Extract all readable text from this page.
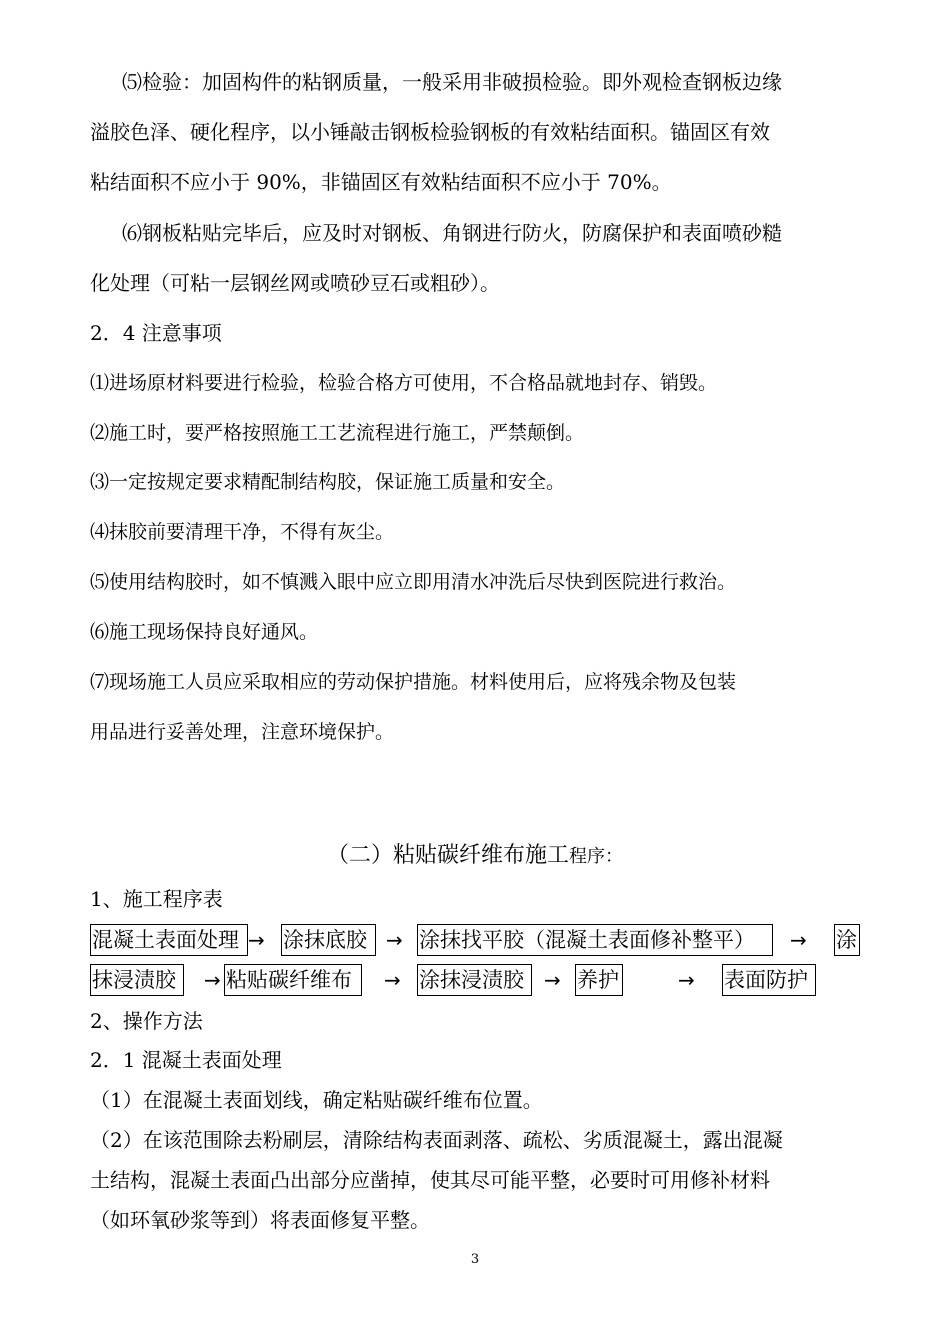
⑸检验：加固构件的粘钢质量，一般采用非破损检验。即外观检查钢板边缘
溢胶色泽、硬化程序，以小锤敲击钢板检验钢板的有效粘结面积。锚固区有效
粘结面积不应小于 90%，非锚固区有效粘结面积不应小于 70%。
⑹钢板粘贴完毕后，应及时对钢板、角钢进行防火，防腐保护和表面喷砂糙
化处理（可粘一层钢丝网或喷砂豆石或粗砂）。
2．4 注意事项
⑴进场原材料要进行检验，检验合格方可使用，不合格品就地封存、销毁。
⑵施工时，要严格按照施工工艺流程进行施工，严禁颠倒。
⑶一定按规定要求精配制结构胶，保证施工质量和安全。
⑷抹胶前要清理干净，不得有灰尘。
⑸使用结构胶时，如不慎溅入眼中应立即用清水冲洗后尽快到医院进行救治。
⑹施工现场保持良好通风。
⑺现场施工人员应采取相应的劳动保护措施。材料使用后，应将残余物及包装
用品进行妥善处理，注意环境保护。
（二）粘贴碳纤维布施工程序：
1、施工程序表
混凝土表面处理 → 涂抹底胶 → 涂抹找平胶（混凝土表面修补整平）	→ 涂
抹浸渍胶	→ 粘贴碳纤维布	→ 涂抹浸渍胶	→ 养护	→ 表面防护
2、操作方法
2．1 混凝土表面处理
（1）在混凝土表面划线，确定粘贴碳纤维布位置。
（2）在该范围除去粉刷层，清除结构表面剥落、疏松、劣质混凝土，露出混凝
土结构，混凝土表面凸出部分应凿掉，使其尽可能平整，必要时可用修补材料
（如环氧砂浆等到）将表面修复平整。
3
